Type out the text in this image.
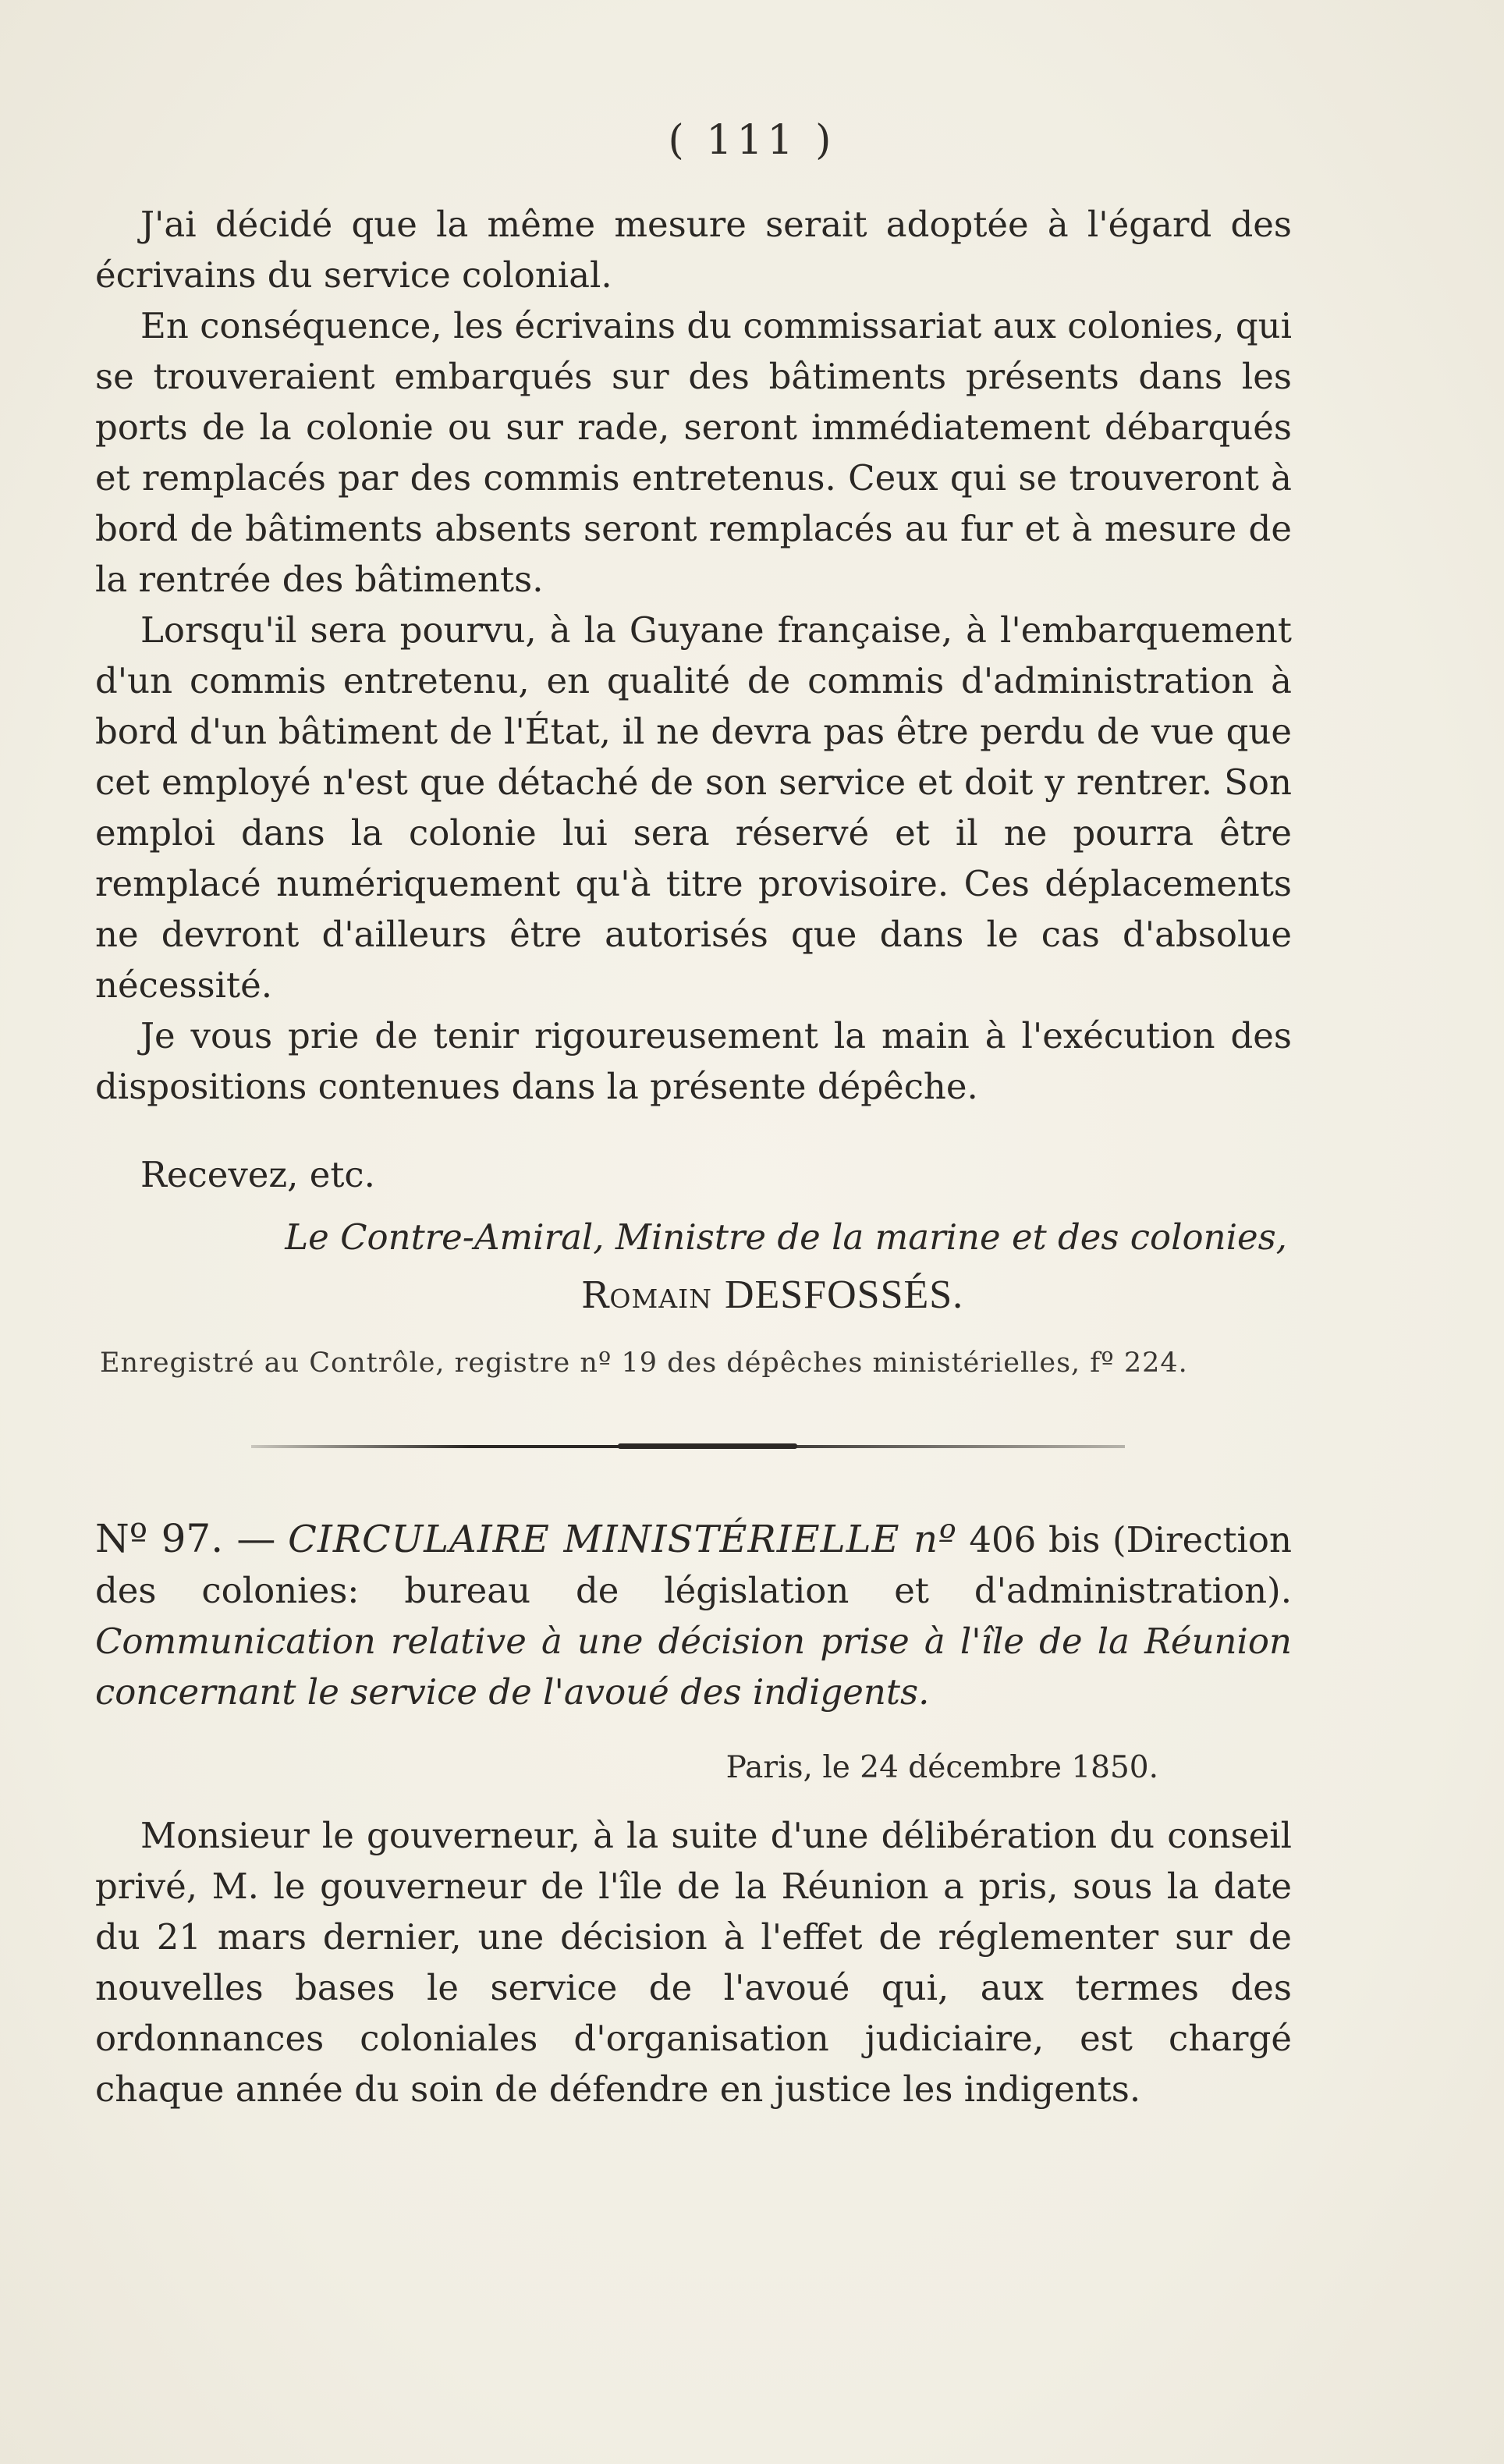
( 111 )

J'ai décidé que la même mesure serait adoptée à l'égard des écrivains du service colonial.

En conséquence, les écrivains du commissariat aux colonies, qui se trouveraient embarqués sur des bâtiments présents dans les ports de la colonie ou sur rade, seront immédiatement débarqués et remplacés par des commis entretenus. Ceux qui se trouveront à bord de bâtiments absents seront remplacés au fur et à mesure de la rentrée des bâtiments.

Lorsqu'il sera pourvu, à la Guyane française, à l'embarquement d'un commis entretenu, en qualité de commis d'administration à bord d'un bâtiment de l'État, il ne devra pas être perdu de vue que cet employé n'est que détaché de son service et doit y rentrer. Son emploi dans la colonie lui sera réservé et il ne pourra être remplacé numériquement qu'à titre provisoire. Ces déplacements ne devront d'ailleurs être autorisés que dans le cas d'absolue nécessité.

Je vous prie de tenir rigoureusement la main à l'exécution des dispositions contenues dans la présente dépêche.

Recevez, etc.
Le Contre-Amiral, Ministre de la marine et des colonies,
Romain DESFOSSÉS.
Enregistré au Contrôle, registre nº 19 des dépêches ministérielles, fº 224.

Nº 97. — CIRCULAIRE MINISTÉRIELLE nº 406 bis (Direction des colonies: bureau de législation et d'administration). Communication relative à une décision prise à l'île de la Réunion concernant le service de l'avoué des indigents.

Paris, le 24 décembre 1850.

Monsieur le gouverneur, à la suite d'une délibération du conseil privé, M. le gouverneur de l'île de la Réunion a pris, sous la date du 21 mars dernier, une décision à l'effet de réglementer sur de nouvelles bases le service de l'avoué qui, aux termes des ordonnances coloniales d'organisation judiciaire, est chargé chaque année du soin de défendre en justice les indigents.
